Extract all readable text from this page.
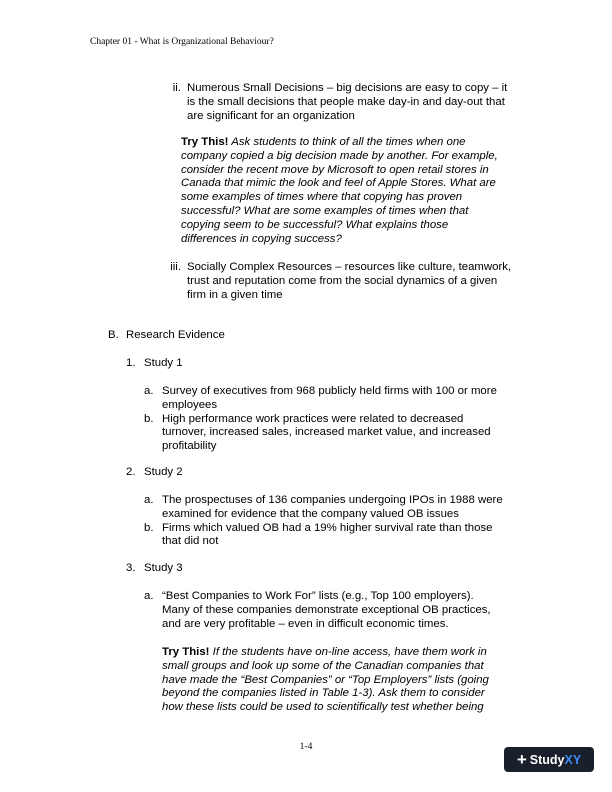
Chapter 01 - What is Organizational Behaviour?
ii. Numerous Small Decisions – big decisions are easy to copy – it
is the small decisions that people make day-in and day-out that
are significant for an organization
Try This! Ask students to think of all the times when one
company copied a big decision made by another. For example,
consider the recent move by Microsoft to open retail stores in
Canada that mimic the look and feel of Apple Stores. What are
some examples of times where that copying has proven
successful? What are some examples of times when that
copying seem to be successful? What explains those
differences in copying success?
iii. Socially Complex Resources – resources like culture, teamwork,
trust and reputation come from the social dynamics of a given
firm in a given time
B. Research Evidence
1. Study 1
a. Survey of executives from 968 publicly held firms with 100 or more
employees
b. High performance work practices were related to decreased
turnover, increased sales, increased market value, and increased
profitability
2. Study 2
a. The prospectuses of 136 companies undergoing IPOs in 1988 were
examined for evidence that the company valued OB issues
b. Firms which valued OB had a 19% higher survival rate than those
that did not
3. Study 3
a. “Best Companies to Work For” lists (e.g., Top 100 employers).
Many of these companies demonstrate exceptional OB practices,
and are very profitable – even in difficult economic times.
Try This! If the students have on-line access, have them work in
small groups and look up some of the Canadian companies that
have made the “Best Companies” or “Top Employers” lists (going
beyond the companies listed in Table 1-3). Ask them to consider
how these lists could be used to scientifically test whether being
1-4
+ StudyXY
